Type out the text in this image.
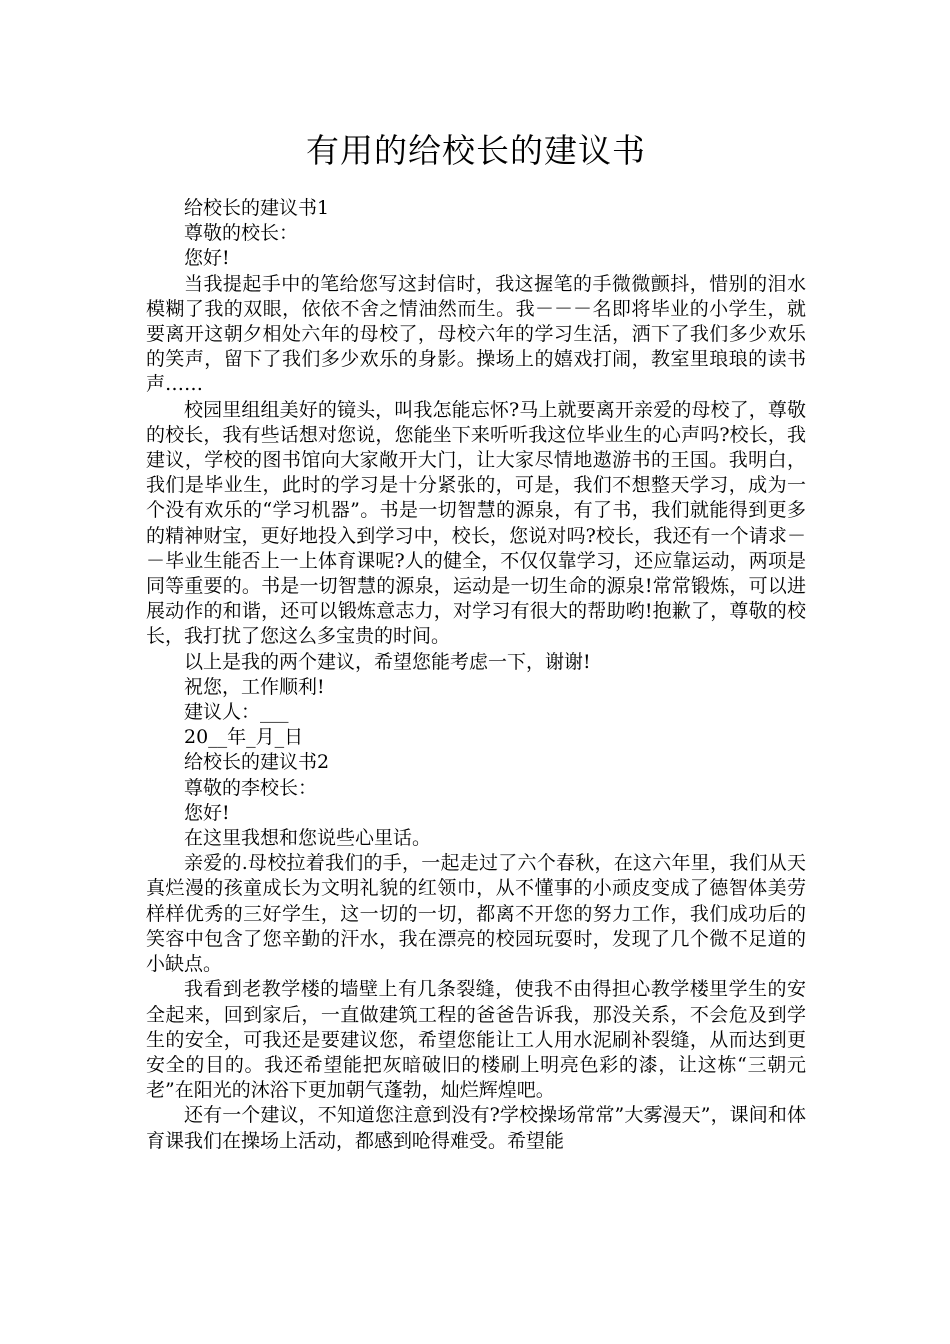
有用的给校长的建议书

给校长的建议书1

尊敬的校长：

您好!

当我提起手中的笔给您写这封信时，我这握笔的手微微颤抖，惜别的泪水模糊了我的双眼，依依不舍之情油然而生。我－－－名即将毕业的小学生，就要离开这朝夕相处六年的母校了，母校六年的学习生活，洒下了我们多少欢乐的笑声，留下了我们多少欢乐的身影。操场上的嬉戏打闹，教室里琅琅的读书声……

校园里组组美好的镜头，叫我怎能忘怀?马上就要离开亲爱的母校了，尊敬的校长，我有些话想对您说，您能坐下来听听我这位毕业生的心声吗?校长，我建议，学校的图书馆向大家敞开大门，让大家尽情地遨游书的王国。我明白，我们是毕业生，此时的学习是十分紧张的，可是，我们不想整天学习，成为一个没有欢乐的“学习机器”。书是一切智慧的源泉，有了书，我们就能得到更多的精神财宝，更好地投入到学习中，校长，您说对吗?校长，我还有一个请求－－毕业生能否上一上体育课呢?人的健全，不仅仅靠学习，还应靠运动，两项是同等重要的。书是一切智慧的源泉，运动是一切生命的源泉!常常锻炼，可以进展动作的和谐，还可以锻炼意志力，对学习有很大的帮助哟!抱歉了，尊敬的校长，我打扰了您这么多宝贵的时间。

以上是我的两个建议，希望您能考虑一下，谢谢!

祝您，工作顺利!

建议人：___

20__年_月_日

给校长的建议书2

尊敬的李校长：

您好!

在这里我想和您说些心里话。

亲爱的.母校拉着我们的手，一起走过了六个春秋，在这六年里，我们从天真烂漫的孩童成长为文明礼貌的红领巾，从不懂事的小顽皮变成了德智体美劳样样优秀的三好学生，这一切的一切，都离不开您的努力工作，我们成功后的笑容中包含了您辛勤的汗水，我在漂亮的校园玩耍时，发现了几个微不足道的小缺点。

我看到老教学楼的墙壁上有几条裂缝，使我不由得担心教学楼里学生的安全起来，回到家后，一直做建筑工程的爸爸告诉我，那没关系，不会危及到学生的安全，可我还是要建议您，希望您能让工人用水泥刷补裂缝，从而达到更安全的目的。我还希望能把灰暗破旧的楼刷上明亮色彩的漆，让这栋“三朝元老”在阳光的沐浴下更加朝气蓬勃，灿烂辉煌吧。

还有一个建议，不知道您注意到没有?学校操场常常”大雾漫天”，课间和体育课我们在操场上活动，都感到呛得难受。希望能
